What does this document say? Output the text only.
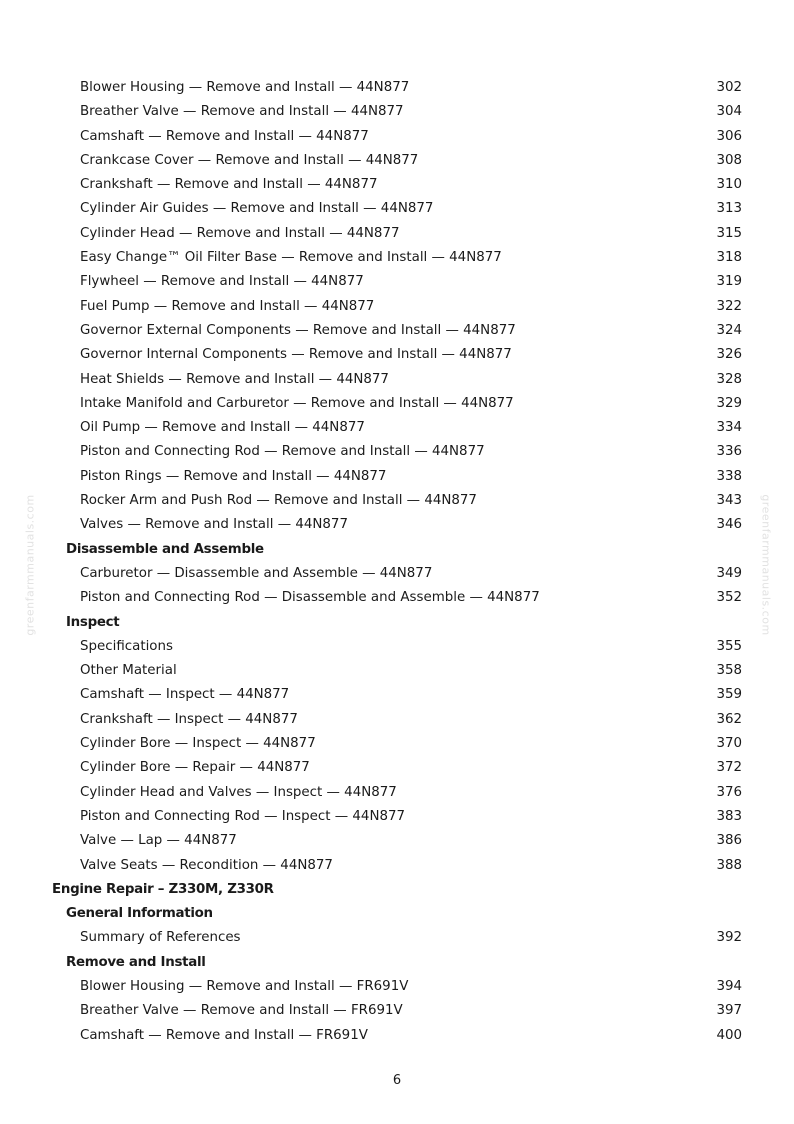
Blower Housing — Remove and Install — 44N877	302
Breather Valve — Remove and Install — 44N877	304
Camshaft — Remove and Install — 44N877	306
Crankcase Cover — Remove and Install — 44N877	308
Crankshaft — Remove and Install — 44N877	310
Cylinder Air Guides — Remove and Install — 44N877	313
Cylinder Head — Remove and Install — 44N877	315
Easy Change™ Oil Filter Base — Remove and Install — 44N877	318
Flywheel — Remove and Install — 44N877	319
Fuel Pump — Remove and Install — 44N877	322
Governor External Components — Remove and Install — 44N877	324
Governor Internal Components — Remove and Install — 44N877	326
Heat Shields — Remove and Install — 44N877	328
Intake Manifold and Carburetor — Remove and Install — 44N877	329
Oil Pump — Remove and Install — 44N877	334
Piston and Connecting Rod — Remove and Install — 44N877	336
Piston Rings — Remove and Install — 44N877	338
Rocker Arm and Push Rod — Remove and Install — 44N877	343
Valves — Remove and Install — 44N877	346
Disassemble and Assemble
Carburetor — Disassemble and Assemble — 44N877	349
Piston and Connecting Rod — Disassemble and Assemble — 44N877	352
Inspect
Specifications	355
Other Material	358
Camshaft — Inspect — 44N877	359
Crankshaft — Inspect — 44N877	362
Cylinder Bore — Inspect — 44N877	370
Cylinder Bore — Repair — 44N877	372
Cylinder Head and Valves — Inspect — 44N877	376
Piston and Connecting Rod — Inspect — 44N877	383
Valve — Lap — 44N877	386
Valve Seats — Recondition — 44N877	388
Engine Repair – Z330M, Z330R
General Information
Summary of References	392
Remove and Install
Blower Housing — Remove and Install — FR691V	394
Breather Valve — Remove and Install — FR691V	397
Camshaft — Remove and Install — FR691V	400
greenfarmmanuals.com	greenfarmmanuals.com
6
